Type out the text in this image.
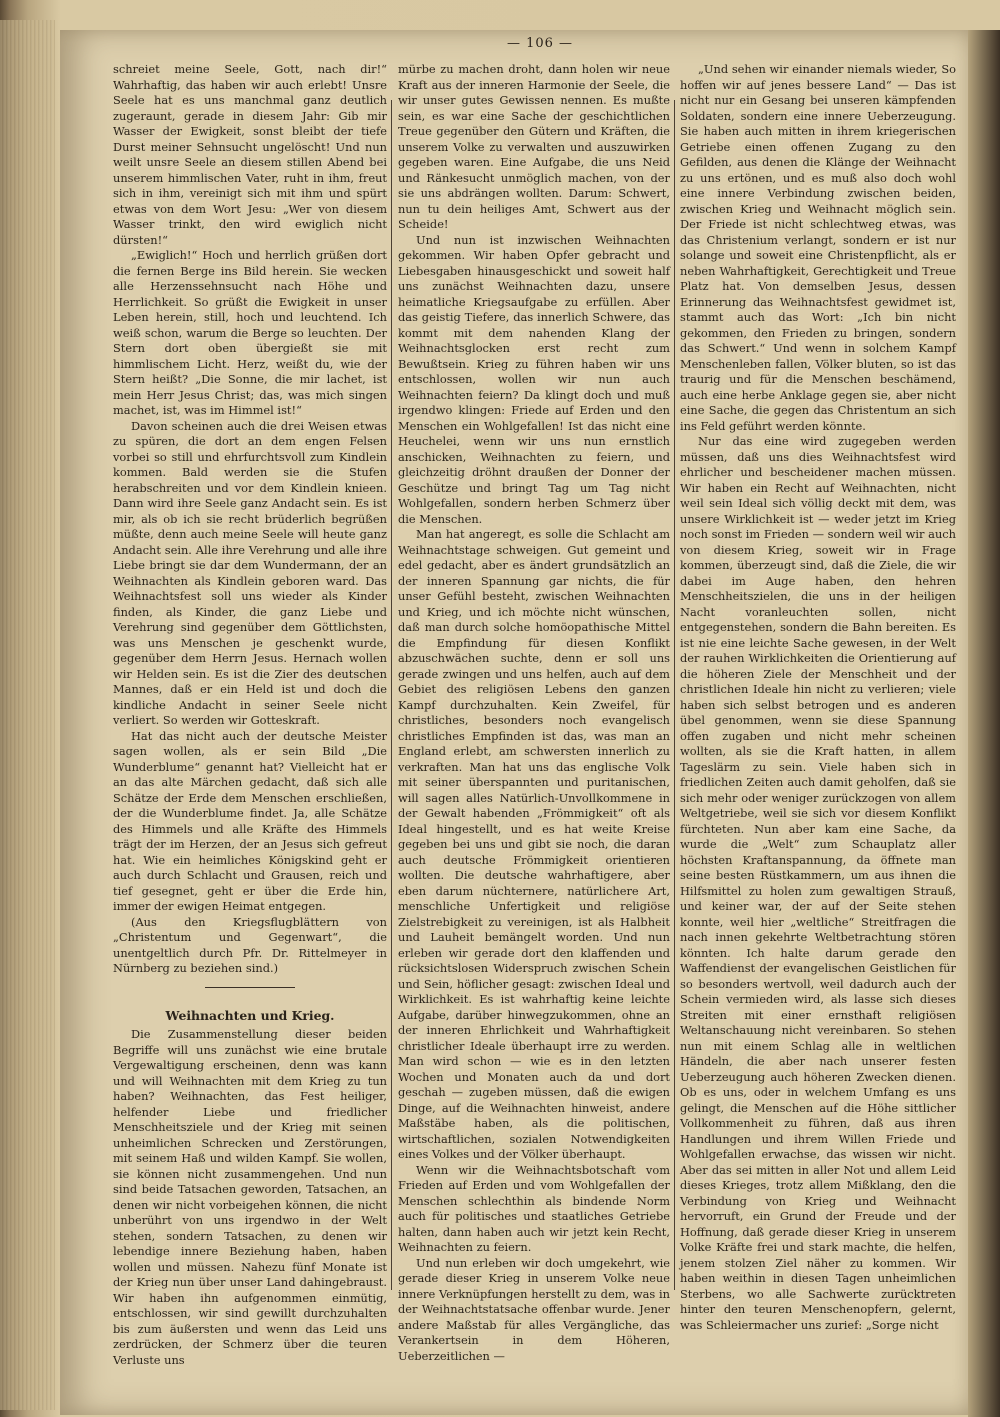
— 106 —

schreiet meine Seele, Gott, nach dir!“ Wahrhaftig, das haben wir auch erlebt! Unsre Seele hat es uns manchmal ganz deutlich zugeraunt, gerade in diesem Jahr: Gib mir Wasser der Ewigkeit, sonst bleibt der tiefe Durst meiner Sehnsucht ungelöscht! Und nun weilt unsre Seele an diesem stillen Abend bei unserem himmlischen Vater, ruht in ihm, freut sich in ihm, vereinigt sich mit ihm und spürt etwas von dem Wort Jesu: „Wer von diesem Wasser trinkt, den wird ewiglich nicht dürsten!“

„Ewiglich!“ Hoch und herrlich grüßen dort die fernen Berge ins Bild herein. Sie wecken alle Herzenssehnsucht nach Höhe und Herrlichkeit. So grüßt die Ewigkeit in unser Leben herein, still, hoch und leuchtend. Ich weiß schon, warum die Berge so leuchten. Der Stern dort oben übergießt sie mit himmlischem Licht. Herz, weißt du, wie der Stern heißt? „Die Sonne, die mir lachet, ist mein Herr Jesus Christ; das, was mich singen machet, ist, was im Himmel ist!“

Davon scheinen auch die drei Weisen etwas zu spüren, die dort an dem engen Felsen vorbei so still und ehrfurchtsvoll zum Kindlein kommen. Bald werden sie die Stufen herabschreiten und vor dem Kindlein knieen. Dann wird ihre Seele ganz Andacht sein. Es ist mir, als ob ich sie recht brüderlich begrüßen müßte, denn auch meine Seele will heute ganz Andacht sein. Alle ihre Verehrung und alle ihre Liebe bringt sie dar dem Wundermann, der an Weihnachten als Kindlein geboren ward. Das Weihnachtsfest soll uns wieder als Kinder finden, als Kinder, die ganz Liebe und Verehrung sind gegenüber dem Göttlichsten, was uns Menschen je geschenkt wurde, gegenüber dem Herrn Jesus. Hernach wollen wir Helden sein. Es ist die Zier des deutschen Mannes, daß er ein Held ist und doch die kindliche Andacht in seiner Seele nicht verliert. So werden wir Gotteskraft.

Hat das nicht auch der deutsche Meister sagen wollen, als er sein Bild „Die Wunderblume“ genannt hat? Vielleicht hat er an das alte Märchen gedacht, daß sich alle Schätze der Erde dem Menschen erschließen, der die Wunderblume findet. Ja, alle Schätze des Himmels und alle Kräfte des Himmels trägt der im Herzen, der an Jesus sich gefreut hat. Wie ein heimliches Königskind geht er auch durch Schlacht und Grausen, reich und tief gesegnet, geht er über die Erde hin, immer der ewigen Heimat entgegen.

(Aus den Kriegsflugblättern von „Christentum und Gegenwart“, die unentgeltlich durch Pfr. Dr. Rittelmeyer in Nürnberg zu beziehen sind.)

Weihnachten und Krieg.

Die Zusammenstellung dieser beiden Begriffe will uns zunächst wie eine brutale Vergewaltigung erscheinen, denn was kann und will Weihnachten mit dem Krieg zu tun haben? Weihnachten, das Fest heiliger, helfender Liebe und friedlicher Menschheitsziele und der Krieg mit seinen unheimlichen Schrecken und Zerstörungen, mit seinem Haß und wilden Kampf. Sie wollen, sie können nicht zusammengehen. Und nun sind beide Tatsachen geworden, Tatsachen, an denen wir nicht vorbeigehen können, die nicht unberührt von uns irgendwo in der Welt stehen, sondern Tatsachen, zu denen wir lebendige innere Beziehung haben, haben wollen und müssen. Nahezu fünf Monate ist der Krieg nun über unser Land dahingebraust. Wir haben ihn aufgenommen einmütig, entschlossen, wir sind gewillt durchzuhalten bis zum äußersten und wenn das Leid uns zerdrücken, der Schmerz über die teuren Verluste uns

mürbe zu machen droht, dann holen wir neue Kraft aus der inneren Harmonie der Seele, die wir unser gutes Gewissen nennen. Es mußte sein, es war eine Sache der geschichtlichen Treue gegenüber den Gütern und Kräften, die unserem Volke zu verwalten und auszuwirken gegeben waren. Eine Aufgabe, die uns Neid und Ränkesucht unmöglich machen, von der sie uns abdrängen wollten. Darum: Schwert, nun tu dein heiliges Amt, Schwert aus der Scheide!

Und nun ist inzwischen Weihnachten gekommen. Wir haben Opfer gebracht und Liebesgaben hinausgeschickt und soweit half uns zunächst Weihnachten dazu, unsere heimatliche Kriegsaufgabe zu erfüllen. Aber das geistig Tiefere, das innerlich Schwere, das kommt mit dem nahenden Klang der Weihnachtsglocken erst recht zum Bewußtsein. Krieg zu führen haben wir uns entschlossen, wollen wir nun auch Weihnachten feiern? Da klingt doch und muß irgendwo klingen: Friede auf Erden und den Menschen ein Wohlgefallen! Ist das nicht eine Heuchelei, wenn wir uns nun ernstlich anschicken, Weihnachten zu feiern, und gleichzeitig dröhnt draußen der Donner der Geschütze und bringt Tag um Tag nicht Wohlgefallen, sondern herben Schmerz über die Menschen.

Man hat angeregt, es solle die Schlacht am Weihnachtstage schweigen. Gut gemeint und edel gedacht, aber es ändert grundsätzlich an der inneren Spannung gar nichts, die für unser Gefühl besteht, zwischen Weihnachten und Krieg, und ich möchte nicht wünschen, daß man durch solche homöopathische Mittel die Empfindung für diesen Konflikt abzuschwächen suchte, denn er soll uns gerade zwingen und uns helfen, auch auf dem Gebiet des religiösen Lebens den ganzen Kampf durchzuhalten. Kein Zweifel, für christliches, besonders noch evangelisch christliches Empfinden ist das, was man an England erlebt, am schwersten innerlich zu verkraften. Man hat uns das englische Volk mit seiner überspannten und puritanischen, will sagen alles Natürlich-Unvollkommene in der Gewalt habenden „Frömmigkeit“ oft als Ideal hingestellt, und es hat weite Kreise gegeben bei uns und gibt sie noch, die daran auch deutsche Frömmigkeit orientieren wollten. Die deutsche wahrhaftigere, aber eben darum nüchternere, natürlichere Art, menschliche Unfertigkeit und religiöse Zielstrebigkeit zu vereinigen, ist als Halbheit und Lauheit bemängelt worden. Und nun erleben wir gerade dort den klaffenden und rücksichtslosen Widerspruch zwischen Schein und Sein, höflicher gesagt: zwischen Ideal und Wirklichkeit. Es ist wahrhaftig keine leichte Aufgabe, darüber hinwegzukommen, ohne an der inneren Ehrlichkeit und Wahrhaftigkeit christlicher Ideale überhaupt irre zu werden. Man wird schon — wie es in den letzten Wochen und Monaten auch da und dort geschah — zugeben müssen, daß die ewigen Dinge, auf die Weihnachten hinweist, andere Maßstäbe haben, als die politischen, wirtschaftlichen, sozialen Notwendigkeiten eines Volkes und der Völker überhaupt.

Wenn wir die Weihnachtsbotschaft vom Frieden auf Erden und vom Wohlgefallen der Menschen schlechthin als bindende Norm auch für politisches und staatliches Getriebe halten, dann haben auch wir jetzt kein Recht, Weihnachten zu feiern.

Und nun erleben wir doch umgekehrt, wie gerade dieser Krieg in unserem Volke neue innere Verknüpfungen herstellt zu dem, was in der Weihnachtstatsache offenbar wurde. Jener andere Maßstab für alles Vergängliche, das Verankertsein in dem Höheren, Ueberzeitlichen —

„Und sehen wir einander niemals wieder, So hoffen wir auf jenes bessere Land“ — Das ist nicht nur ein Gesang bei unseren kämpfenden Soldaten, sondern eine innere Ueberzeugung. Sie haben auch mitten in ihrem kriegerischen Getriebe einen offenen Zugang zu den Gefilden, aus denen die Klänge der Weihnacht zu uns ertönen, und es muß also doch wohl eine innere Verbindung zwischen beiden, zwischen Krieg und Weihnacht möglich sein. Der Friede ist nicht schlechtweg etwas, was das Christenium verlangt, sondern er ist nur solange und soweit eine Christenpflicht, als er neben Wahrhaftigkeit, Gerechtigkeit und Treue Platz hat. Von demselben Jesus, dessen Erinnerung das Weihnachtsfest gewidmet ist, stammt auch das Wort: „Ich bin nicht gekommen, den Frieden zu bringen, sondern das Schwert.“ Und wenn in solchem Kampf Menschenleben fallen, Völker bluten, so ist das traurig und für die Menschen beschämend, auch eine herbe Anklage gegen sie, aber nicht eine Sache, die gegen das Christentum an sich ins Feld geführt werden könnte.

Nur das eine wird zugegeben werden müssen, daß uns dies Weihnachtsfest wird ehrlicher und bescheidener machen müssen. Wir haben ein Recht auf Weihnachten, nicht weil sein Ideal sich völlig deckt mit dem, was unsere Wirklichkeit ist — weder jetzt im Krieg noch sonst im Frieden — sondern weil wir auch von diesem Krieg, soweit wir in Frage kommen, überzeugt sind, daß die Ziele, die wir dabei im Auge haben, den hehren Menschheitszielen, die uns in der heiligen Nacht voranleuchten sollen, nicht entgegenstehen, sondern die Bahn bereiten. Es ist nie eine leichte Sache gewesen, in der Welt der rauhen Wirklichkeiten die Orientierung auf die höheren Ziele der Menschheit und der christlichen Ideale hin nicht zu verlieren; viele haben sich selbst betrogen und es anderen übel genommen, wenn sie diese Spannung offen zugaben und nicht mehr scheinen wollten, als sie die Kraft hatten, in allem Tageslärm zu sein. Viele haben sich in friedlichen Zeiten auch damit geholfen, daß sie sich mehr oder weniger zurückzogen von allem Weltgetriebe, weil sie sich vor diesem Konflikt fürchteten. Nun aber kam eine Sache, da wurde die „Welt“ zum Schauplatz aller höchsten Kraftanspannung, da öffnete man seine besten Rüstkammern, um aus ihnen die Hilfsmittel zu holen zum gewaltigen Strauß, und keiner war, der auf der Seite stehen konnte, weil hier „weltliche“ Streitfragen die nach innen gekehrte Weltbetrachtung stören könnten. Ich halte darum gerade den Waffendienst der evangelischen Geistlichen für so besonders wertvoll, weil dadurch auch der Schein vermieden wird, als lasse sich dieses Streiten mit einer ernsthaft religiösen Weltanschauung nicht vereinbaren. So stehen nun mit einem Schlag alle in weltlichen Händeln, die aber nach unserer festen Ueberzeugung auch höheren Zwecken dienen. Ob es uns, oder in welchem Umfang es uns gelingt, die Menschen auf die Höhe sittlicher Vollkommenheit zu führen, daß aus ihren Handlungen und ihrem Willen Friede und Wohlgefallen erwachse, das wissen wir nicht. Aber das sei mitten in aller Not und allem Leid dieses Krieges, trotz allem Mißklang, den die Verbindung von Krieg und Weihnacht hervorruft, ein Grund der Freude und der Hoffnung, daß gerade dieser Krieg in unserem Volke Kräfte frei und stark machte, die helfen, jenem stolzen Ziel näher zu kommen. Wir haben weithin in diesen Tagen unheimlichen Sterbens, wo alle Sachwerte zurücktreten hinter den teuren Menschenopfern, gelernt, was Schleiermacher uns zurief: „Sorge nicht
